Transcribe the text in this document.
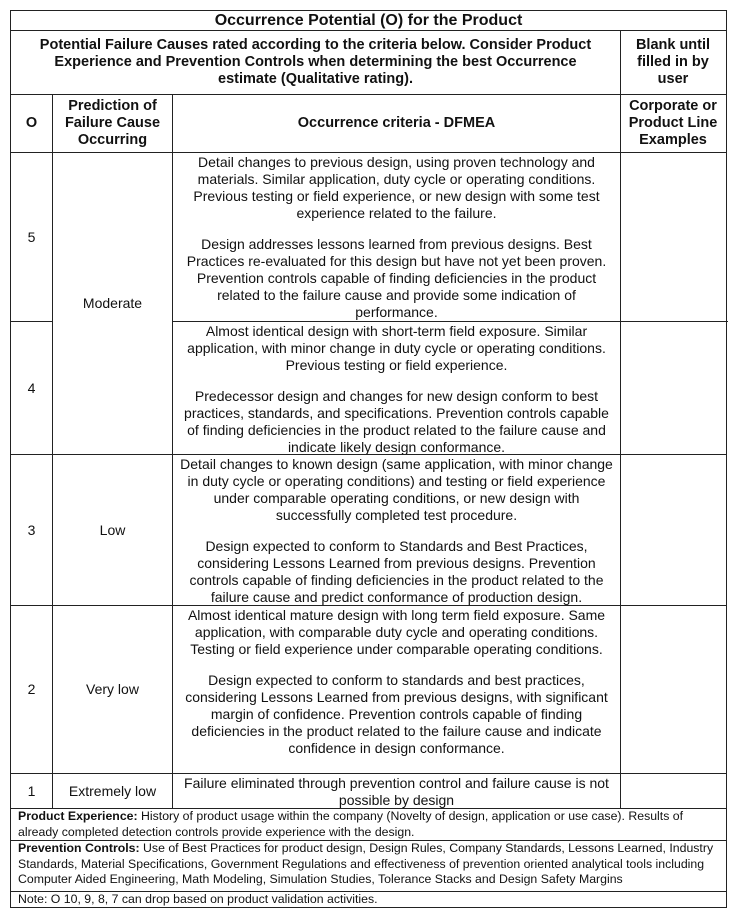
Occurrence Potential (O) for the Product
Potential Failure Causes rated according to the criteria below. Consider Product Experience and Prevention Controls when determining the best Occurrence estimate (Qualitative rating).
Blank until filled in by user
O
Prediction of Failure Cause Occurring
Occurrence criteria - DFMEA
Corporate or Product Line Examples
5
4
3
2
1
Moderate
Low
Very low
Extremely low

Detail changes to previous design, using proven technology and materials. Similar application, duty cycle or operating conditions. Previous testing or field experience, or new design with some test experience related to the failure.

Design addresses lessons learned from previous designs. Best Practices re-evaluated for this design but have not yet been proven. Prevention controls capable of finding deficiencies in the product related to the failure cause and provide some indication of performance.

Almost identical design with short-term field exposure. Similar application, with minor change in duty cycle or operating conditions. Previous testing or field experience.

Predecessor design and changes for new design conform to best practices, standards, and specifications. Prevention controls capable of finding deficiencies in the product related to the failure cause and indicate likely design conformance.

Detail changes to known design (same application, with minor change in duty cycle or operating conditions) and testing or field experience under comparable operating conditions, or new design with successfully completed test procedure.

Design expected to conform to Standards and Best Practices, considering Lessons Learned from previous designs. Prevention controls capable of finding deficiencies in the product related to the failure cause and predict conformance of production design.

Almost identical mature design with long term field exposure. Same application, with comparable duty cycle and operating conditions. Testing or field experience under comparable operating conditions.

Design expected to conform to standards and best practices, considering Lessons Learned from previous designs, with significant margin of confidence. Prevention controls capable of finding deficiencies in the product related to the failure cause and indicate confidence in design conformance.

Failure eliminated through prevention control and failure cause is not possible by design

Product Experience: History of product usage within the company (Novelty of design, application or use case). Results of already completed detection controls provide experience with the design.
Prevention Controls: Use of Best Practices for product design, Design Rules, Company Standards, Lessons Learned, Industry Standards, Material Specifications, Government Regulations and effectiveness of prevention oriented analytical tools including Computer Aided Engineering, Math Modeling, Simulation Studies, Tolerance Stacks and Design Safety Margins
Note: O 10, 9, 8, 7 can drop based on product validation activities.
